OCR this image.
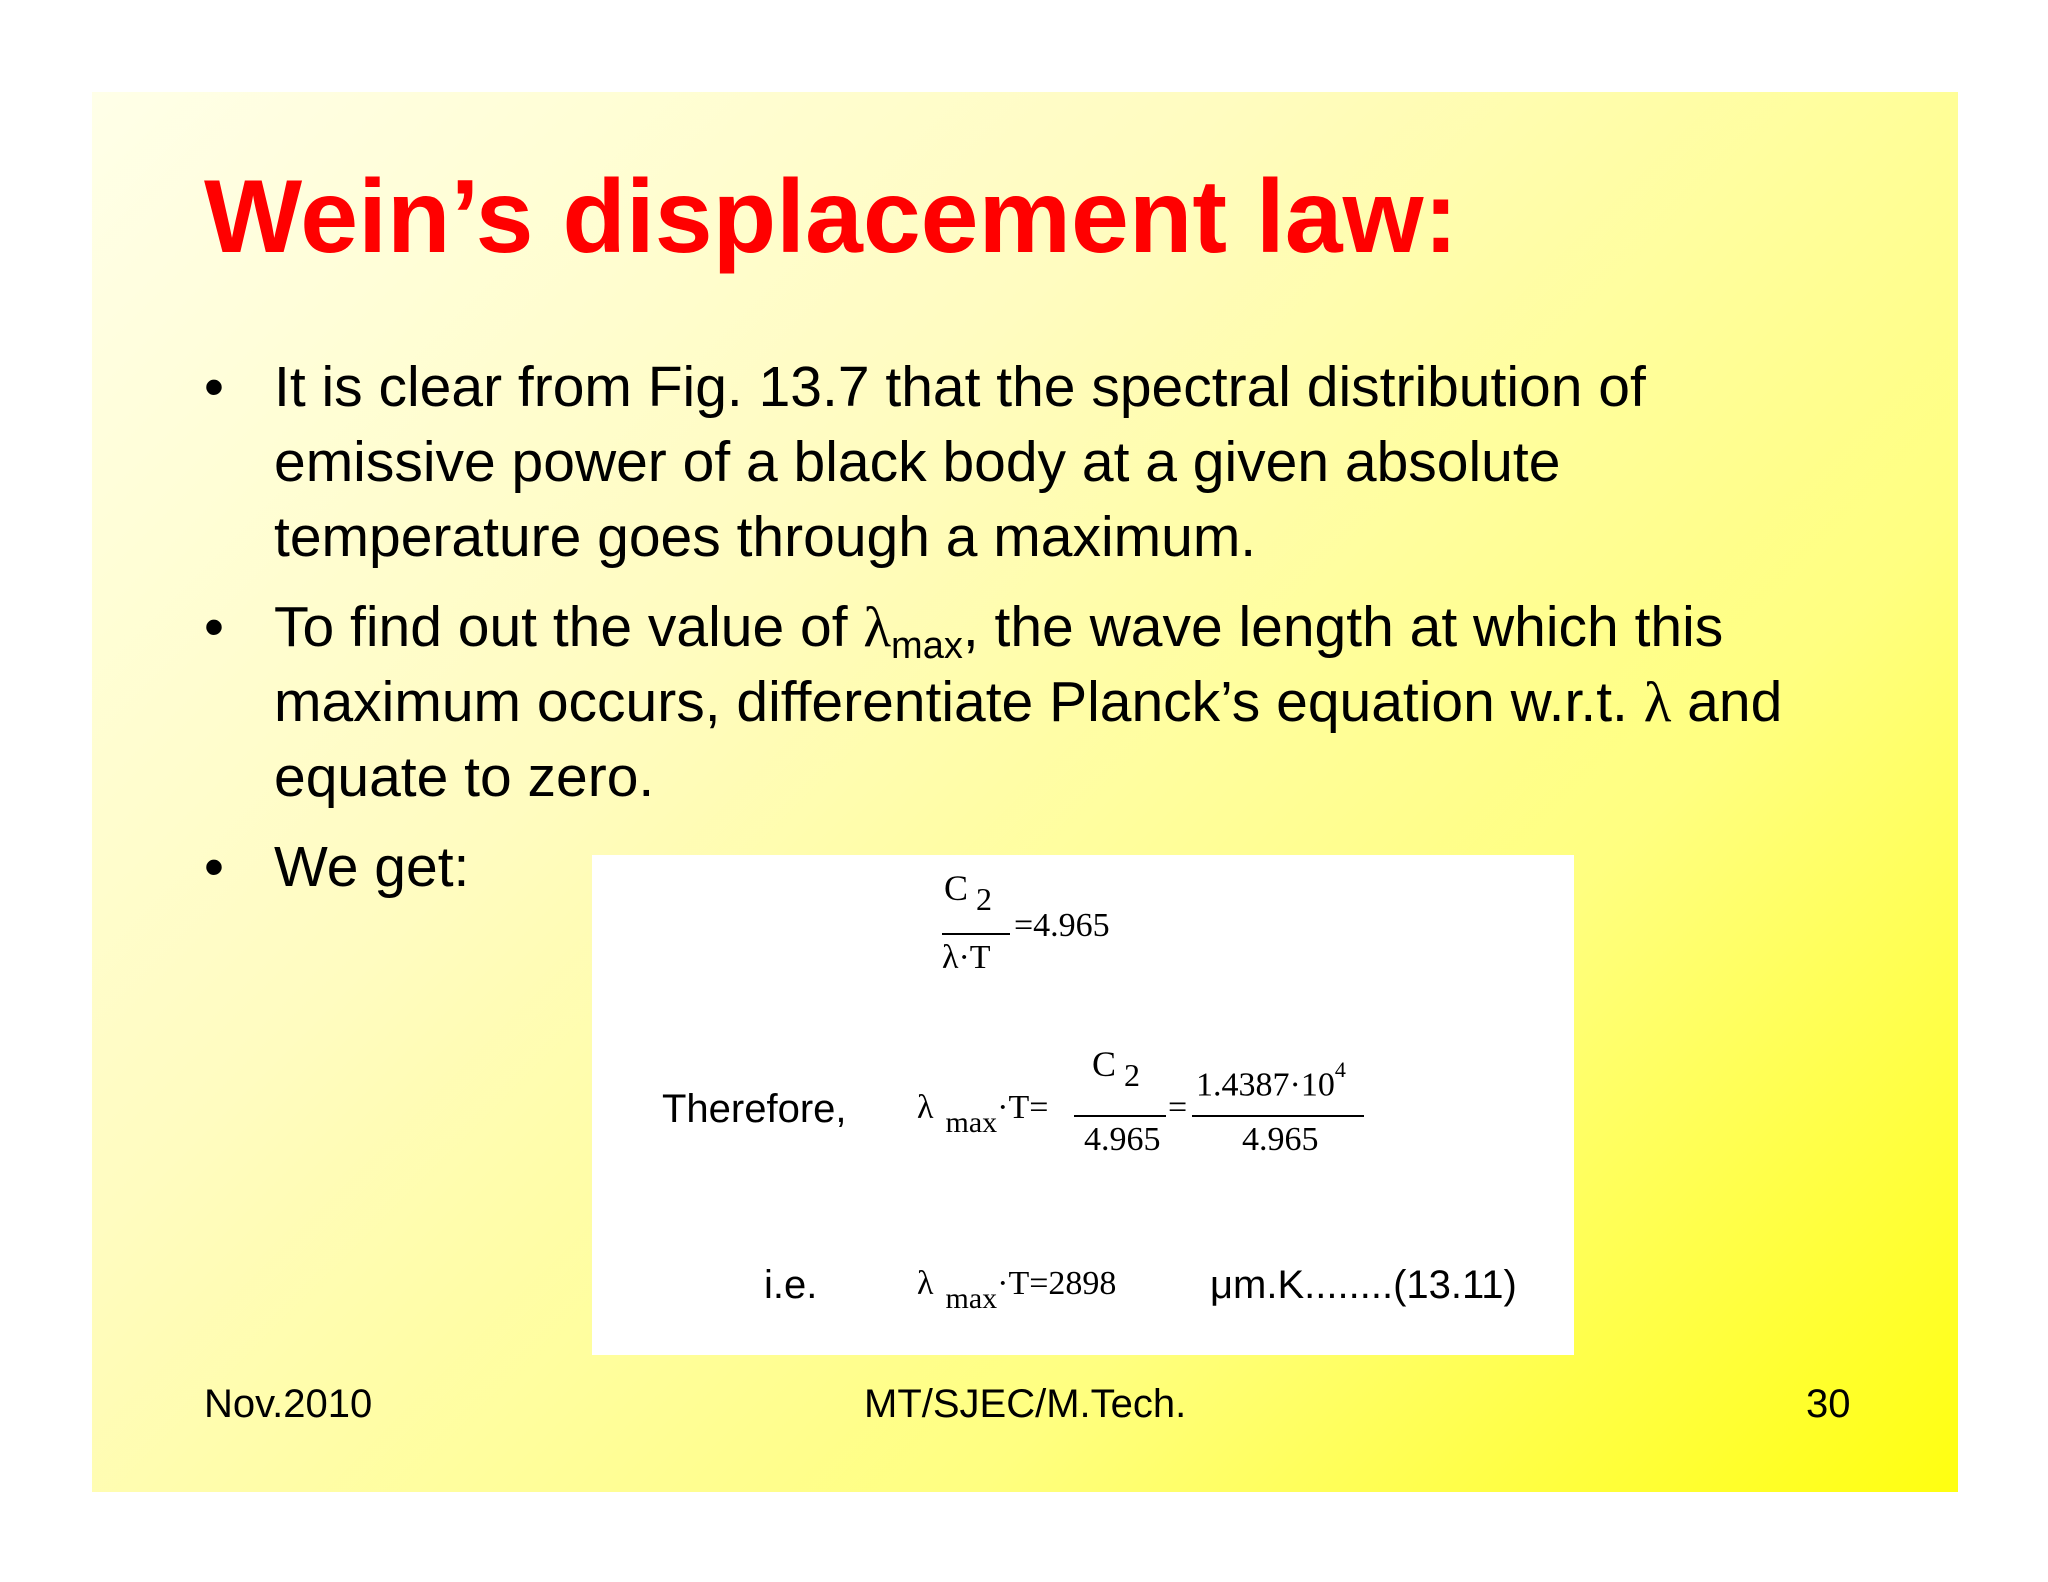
Wein’s displacement law:
• It is clear from Fig. 13.7 that the spectral distribution of emissive power of a black body at a given absolute temperature goes through a maximum.
• To find out the value of $\lambda_{max}$, the wave length at which this maximum occurs, differentiate Planck’s equation w.r.t. λ and equate to zero.
• We get:	C 2
λ·T
=4.965
Therefore, λ max·T=
C 2
4.965
=
$1.4387\cdot 10^4$
4.965
i.e.	λ max·T=2898 μm.K........(13.11)
Nov.2010	MT/SJEC/M.Tech.	30
